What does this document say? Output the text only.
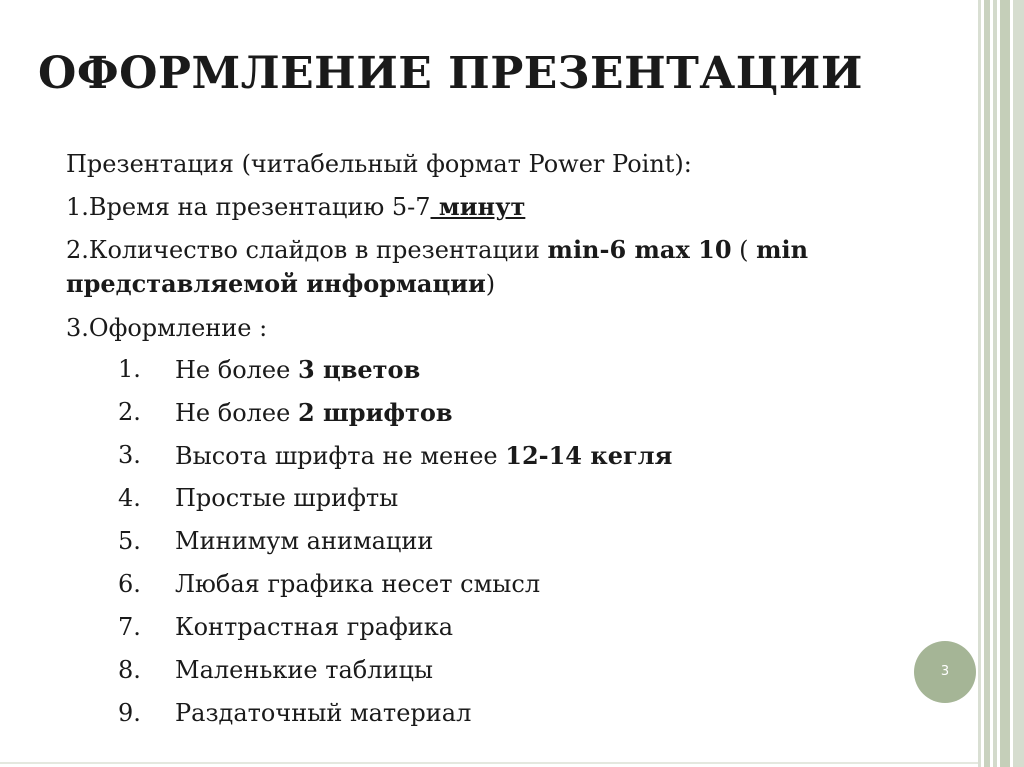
ОФОРМЛЕНИЕ ПРЕЗЕНТАЦИИ
Презентация (читабельный формат Power Point):
1.Время на презентацию 5-7 минут
2.Количество слайдов в презентации min-6 max 10 ( min представляемой информации)
3.Оформление :
1. Не более 3 цветов
2. Не более 2 шрифтов
3. Высота шрифта не менее 12-14 кегля
4. Простые шрифты
5. Минимум анимации
6. Любая графика несет смысл
7. Контрастная графика
8. Маленькие таблицы
9. Раздаточный материал
3
